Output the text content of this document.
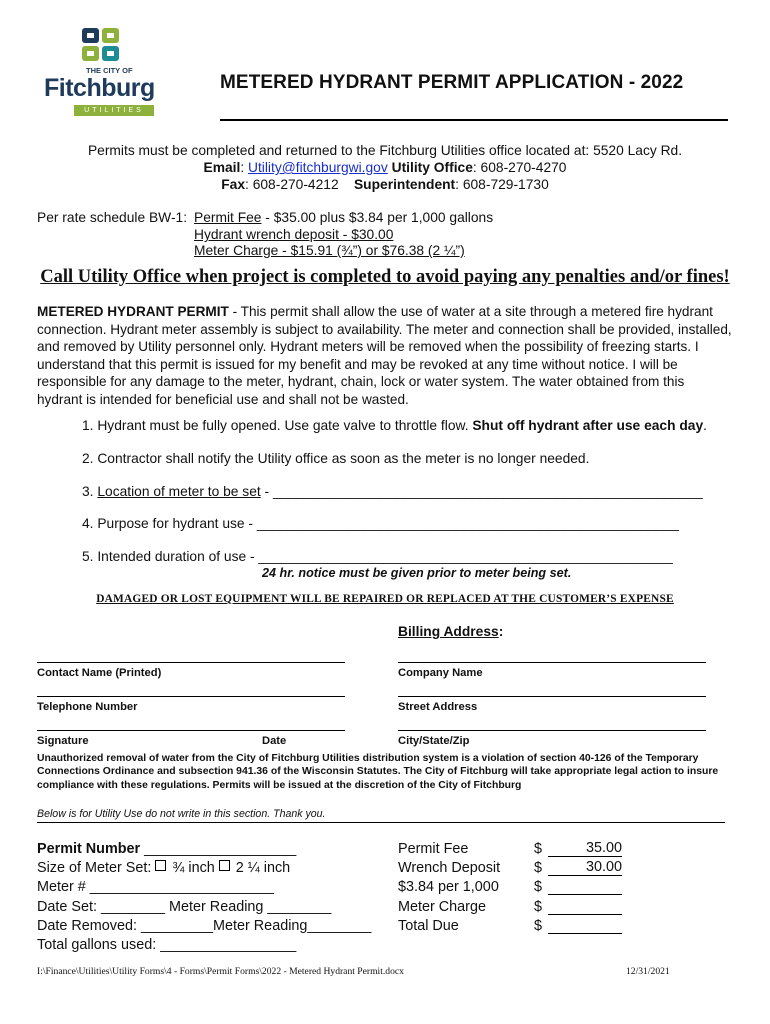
THE CITY OF
Fitchburg
UTILITIES
METERED HYDRANT PERMIT APPLICATION - 2022
Permits must be completed and returned to the Fitchburg Utilities office located at: 5520 Lacy Rd.
Email: Utility@fitchburgwi.gov Utility Office: 608-270-4270
Fax: 608-270-4212 Superintendent: 608-729-1730
Per rate schedule BW-1: Permit Fee - $35.00 plus $3.84 per 1,000 gallons
Hydrant wrench deposit - $30.00
Meter Charge - $15.91 (¾”) or $76.38 (2 ¼”)
Call Utility Office when project is completed to avoid paying any penalties and/or fines!
METERED HYDRANT PERMIT - This permit shall allow the use of water at a site through a metered fire hydrant connection. Hydrant meter assembly is subject to availability. The meter and connection shall be provided, installed, and removed by Utility personnel only. Hydrant meters will be removed when the possibility of freezing starts. I understand that this permit is issued for my benefit and may be revoked at any time without notice. I will be responsible for any damage to the meter, hydrant, chain, lock or water system. The water obtained from this hydrant is intended for beneficial use and shall not be wasted.
1. Hydrant must be fully opened. Use gate valve to throttle flow. Shut off hydrant after use each day.
2. Contractor shall notify the Utility office as soon as the meter is no longer needed.
3. Location of meter to be set - ________________________________________________________
4. Purpose for hydrant use - _______________________________________________________
5. Intended duration of use - ______________________________________________________
24 hr. notice must be given prior to meter being set.
DAMAGED OR LOST EQUIPMENT WILL BE REPAIRED OR REPLACED AT THE CUSTOMER’S EXPENSE
Billing Address:
Contact Name (Printed)	Company Name
Telephone Number	Street Address
Signature	Date	City/State/Zip
Unauthorized removal of water from the City of Fitchburg Utilities distribution system is a violation of section 40-126 of the Temporary Connections Ordinance and subsection 941.36 of the Wisconsin Statutes. The City of Fitchburg will take appropriate legal action to insure compliance with these regulations. Permits will be issued at the discretion of the City of Fitchburg
Below is for Utility Use do not write in this section. Thank you.
Permit Number ___________________
Size of Meter Set: ¾ inch 2 ¼ inch
Meter # _______________________
Date Set: ________ Meter Reading ________
Date Removed: _________Meter Reading________
Total gallons used: _________________
Permit Fee	$	35.00
Wrench Deposit $	30.00
$3.84 per 1,000 $
Meter Charge	$
Total Due	$
I:\Finance\Utilities\Utility Forms\4 - Forms\Permit Forms\2022 - Metered Hydrant Permit.docx	12/31/2021
